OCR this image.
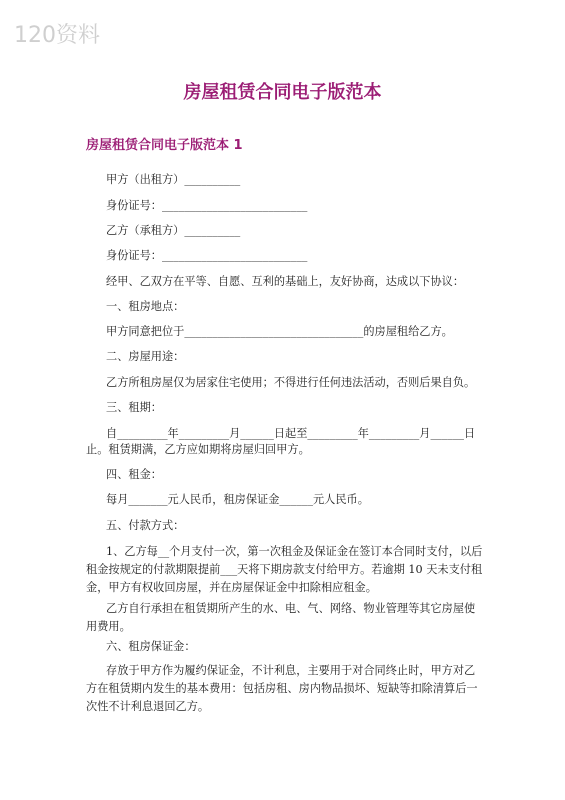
120资料
房屋租赁合同电子版范本
房屋租赁合同电子版范本 1
甲方（出租方）__________
身份证号：__________________________
乙方（承租方）__________
身份证号：__________________________
经甲、乙双方在平等、自愿、互利的基础上，友好协商，达成以下协议：
一、租房地点：
甲方同意把位于________________________________的房屋租给乙方。
二、房屋用途：
乙方所租房屋仅为居家住宅使用；不得进行任何违法活动，否则后果自负。
三、租期：
自_________年_________月______日起至_________年_________月______日
止。租赁期满，乙方应如期将房屋归回甲方。
四、租金：
每月_______元人民币，租房保证金______元人民币。
五、付款方式：
1、乙方每__个月支付一次，第一次租金及保证金在签订本合同时支付，以后租金按规定的付款期限提前___天将下期房款支付给甲方。若逾期 10 天未支付租金，甲方有权收回房屋，并在房屋保证金中扣除相应租金。
乙方自行承担在租赁期所产生的水、电、气、网络、物业管理等其它房屋使用费用。
六、租房保证金：
存放于甲方作为履约保证金，不计利息，主要用于对合同终止时，甲方对乙方在租赁期内发生的基本费用：包括房租、房内物品损坏、短缺等扣除清算后一次性不计利息退回乙方。
